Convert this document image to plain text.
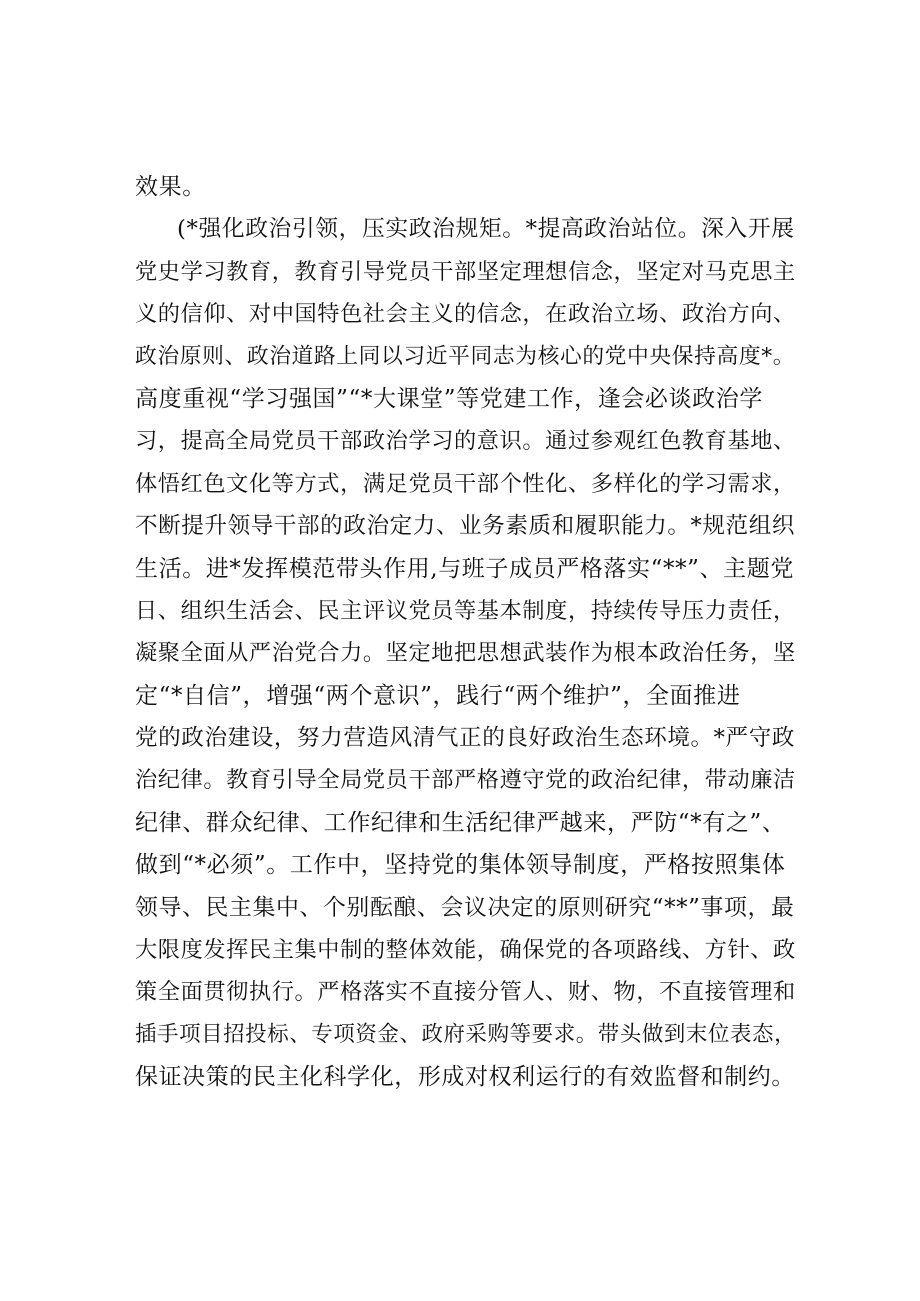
效果。
(*强化政治引领，压实政治规矩。*提高政治站位。深入开展
党史学习教育，教育引导党员干部坚定理想信念，坚定对马克思主
义的信仰、对中国特色社会主义的信念，在政治立场、政治方向、
政治原则、政治道路上同以习近平同志为核心的党中央保持高度*。
高度重视“学习强国”“*大课堂”等党建工作，逢会必谈政治学
习，提高全局党员干部政治学习的意识。通过参观红色教育基地、
体悟红色文化等方式，满足党员干部个性化、多样化的学习需求，
不断提升领导干部的政治定力、业务素质和履职能力。*规范组织
生活。进*发挥模范带头作用,与班子成员严格落实“**”、主题党
日、组织生活会、民主评议党员等基本制度，持续传导压力责任，
凝聚全面从严治党合力。坚定地把思想武装作为根本政治任务，坚
定“*自信”，增强“两个意识”，践行“两个维护”，全面推进
党的政治建设，努力营造风清气正的良好政治生态环境。*严守政
治纪律。教育引导全局党员干部严格遵守党的政治纪律，带动廉洁
纪律、群众纪律、工作纪律和生活纪律严越来，严防“*有之”、
做到“*必须”。工作中，坚持党的集体领导制度，严格按照集体
领导、民主集中、个别酝酿、会议决定的原则研究“**”事项，最
大限度发挥民主集中制的整体效能，确保党的各项路线、方针、政
策全面贯彻执行。严格落实不直接分管人、财、物，不直接管理和
插手项目招投标、专项资金、政府采购等要求。带头做到末位表态，
保证决策的民主化科学化，形成对权利运行的有效监督和制约。
